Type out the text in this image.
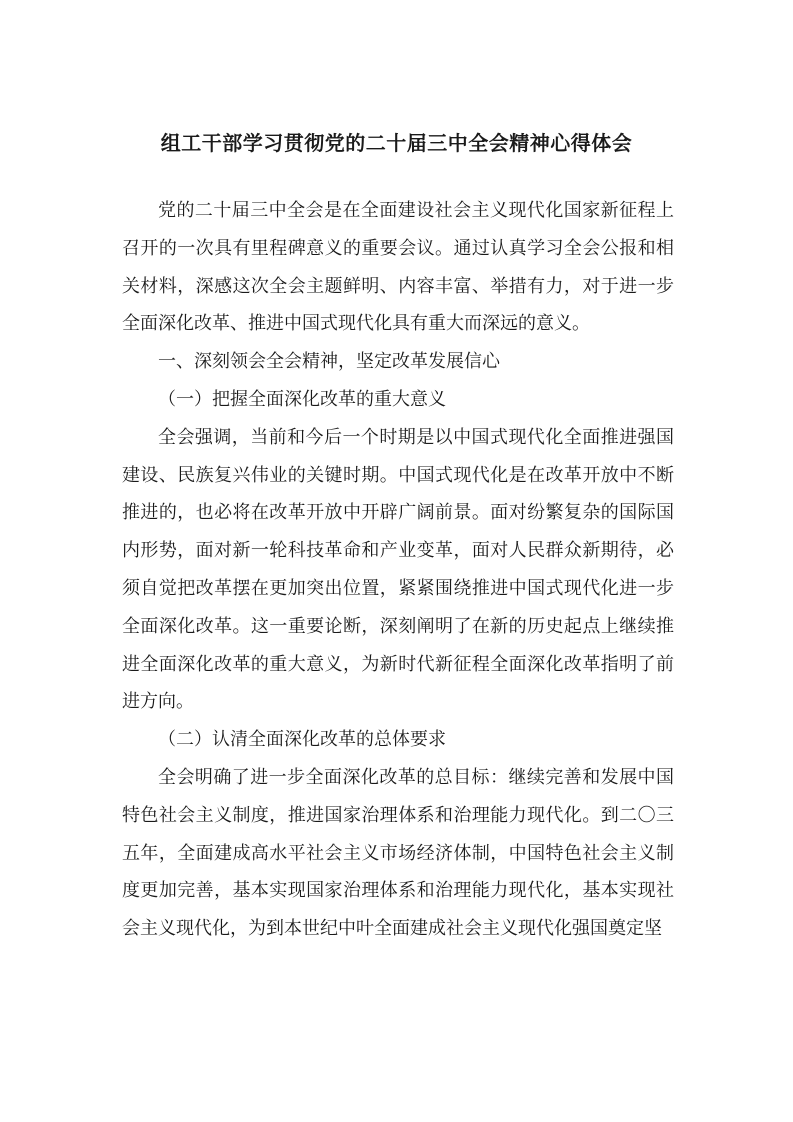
组工干部学习贯彻党的二十届三中全会精神心得体会

党的二十届三中全会是在全面建设社会主义现代化国家新征程上召开的一次具有里程碑意义的重要会议。通过认真学习全会公报和相关材料，深感这次全会主题鲜明、内容丰富、举措有力，对于进一步全面深化改革、推进中国式现代化具有重大而深远的意义。

一、深刻领会全会精神，坚定改革发展信心

（一）把握全面深化改革的重大意义

全会强调，当前和今后一个时期是以中国式现代化全面推进强国建设、民族复兴伟业的关键时期。中国式现代化是在改革开放中不断推进的，也必将在改革开放中开辟广阔前景。面对纷繁复杂的国际国内形势，面对新一轮科技革命和产业变革，面对人民群众新期待，必须自觉把改革摆在更加突出位置，紧紧围绕推进中国式现代化进一步全面深化改革。这一重要论断，深刻阐明了在新的历史起点上继续推进全面深化改革的重大意义，为新时代新征程全面深化改革指明了前进方向。

（二）认清全面深化改革的总体要求

全会明确了进一步全面深化改革的总目标：继续完善和发展中国特色社会主义制度，推进国家治理体系和治理能力现代化。到二〇三五年，全面建成高水平社会主义市场经济体制，中国特色社会主义制度更加完善，基本实现国家治理体系和治理能力现代化，基本实现社会主义现代化，为到本世纪中叶全面建成社会主义现代化强国奠定坚
